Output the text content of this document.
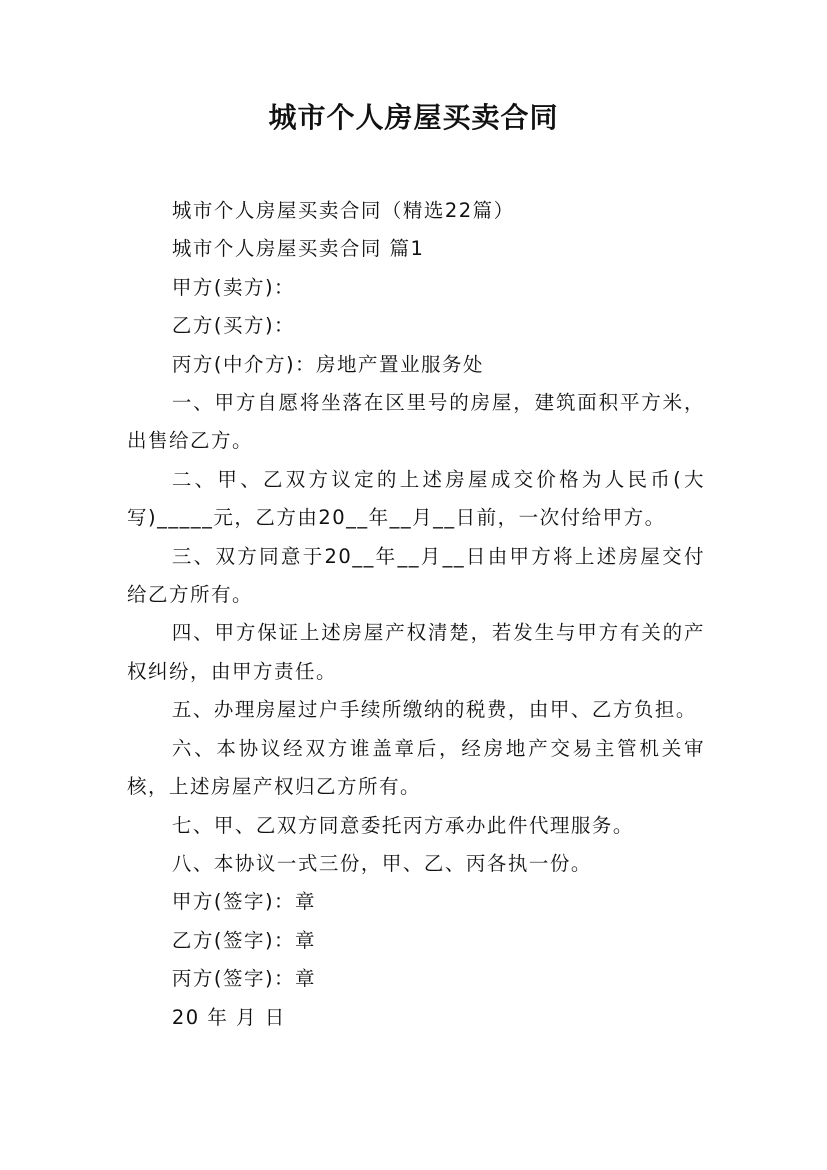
城市个人房屋买卖合同

城市个人房屋买卖合同（精选22篇）

城市个人房屋买卖合同 篇1

甲方(卖方)：

乙方(买方)：

丙方(中介方)：房地产置业服务处

一、甲方自愿将坐落在区里号的房屋，建筑面积平方米，出售给乙方。

二、甲、乙双方议定的上述房屋成交价格为人民币(大写)_____元，乙方由20__年__月__日前，一次付给甲方。

三、双方同意于20__年__月__日由甲方将上述房屋交付给乙方所有。

四、甲方保证上述房屋产权清楚，若发生与甲方有关的产权纠纷，由甲方责任。

五、办理房屋过户手续所缴纳的税费，由甲、乙方负担。

六、本协议经双方谁盖章后，经房地产交易主管机关审核，上述房屋产权归乙方所有。

七、甲、乙双方同意委托丙方承办此件代理服务。

八、本协议一式三份，甲、乙、丙各执一份。

甲方(签字)：章

乙方(签字)：章

丙方(签字)：章

20 年 月 日
